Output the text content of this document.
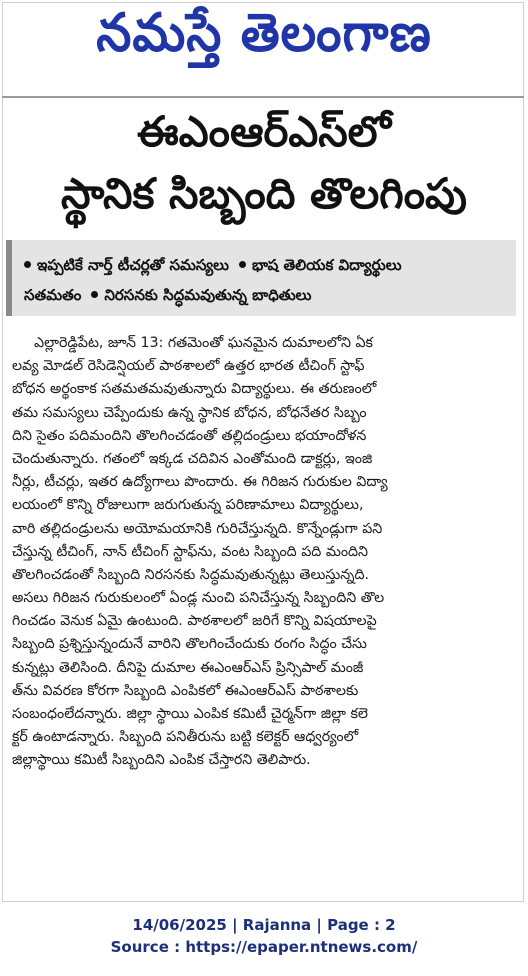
నమస్తే తెలంగాణ
ఈఎంఆర్ఎస్‌లో
స్థానిక సిబ్బంది తొలగింపు
ఇప్పటికే నార్త్ టీచర్లతో సమస్యలు భాష తెలియక విద్యార్థులు
సతమతం నిరసనకు సిద్ధమవుతున్న బాధితులు
ఎల్లారెడ్డిపేట, జూన్ 13: గతమెంతో ఘనమైన దుమాలలోని ఏక
లవ్య మోడల్ రెసిడెన్షియల్ పాఠశాలలో ఉత్తర భారత టీచింగ్ స్టాఫ్
బోధన అర్థంకాక సతమతమవుతున్నారు విద్యార్థులు. ఈ తరుణంలో
తమ సమస్యలు చెప్పేందుకు ఉన్న స్థానిక బోధన, బోధనేతర సిబ్బం
దిని సైతం పదిమందిని తొలగించడంతో తల్లిదండ్రులు భయాందోళన
చెందుతున్నారు. గతంలో ఇక్కడ చదివిన ఎంతోమంది డాక్టర్లు, ఇంజి
నీర్లు, టీచర్లు, ఇతర ఉద్యోగాలు పొందారు. ఈ గిరిజన గురుకుల విద్యా
లయంలో కొన్ని రోజులుగా జరుగుతున్న పరిణామాలు విద్యార్థులు,
వారి తల్లిదండ్రులను అయోమయానికి గురిచేస్తున్నది. కొన్నేండ్లుగా పని
చేస్తున్న టీచింగ్, నాన్ టీచింగ్ స్టాఫ్‌ను, వంట సిబ్బంది పది మందిని
తొలగించడంతో సిబ్బంది నిరసనకు సిద్ధమవుతున్నట్లు తెలుస్తున్నది.
అసలు గిరిజన గురుకులంలో ఏండ్ల నుంచి పనిచేస్తున్న సిబ్బందిని తొల
గించడం వెనుక ఏమై ఉంటుంది. పాఠశాలలో జరిగే కొన్ని విషయాలపై
సిబ్బంది ప్రశ్నిస్తున్నందునే వారిని తొలగించేందుకు రంగం సిద్ధం చేసు
కున్నట్లు తెలిసింది. దీనిపై దుమాల ఈఎంఆర్ఎస్ ప్రిన్సిపాల్ మంజీ
త్‌ను వివరణ కోరగా సిబ్బంది ఎంపికలో ఈఎంఆర్ఎస్ పాఠశాలకు
సంబంధంలేదన్నారు. జిల్లా స్థాయి ఎంపిక కమిటీ చైర్మన్‌గా జిల్లా కలె
క్టర్ ఉంటాడన్నారు. సిబ్బంది పనితీరును బట్టి కలెక్టర్ ఆధ్వర్యంలో
జిల్లాస్థాయి కమిటీ సిబ్బందిని ఎంపిక చేస్తారని తెలిపారు.
14/06/2025 | Rajanna | Page : 2
Source : https://epaper.ntnews.com/
